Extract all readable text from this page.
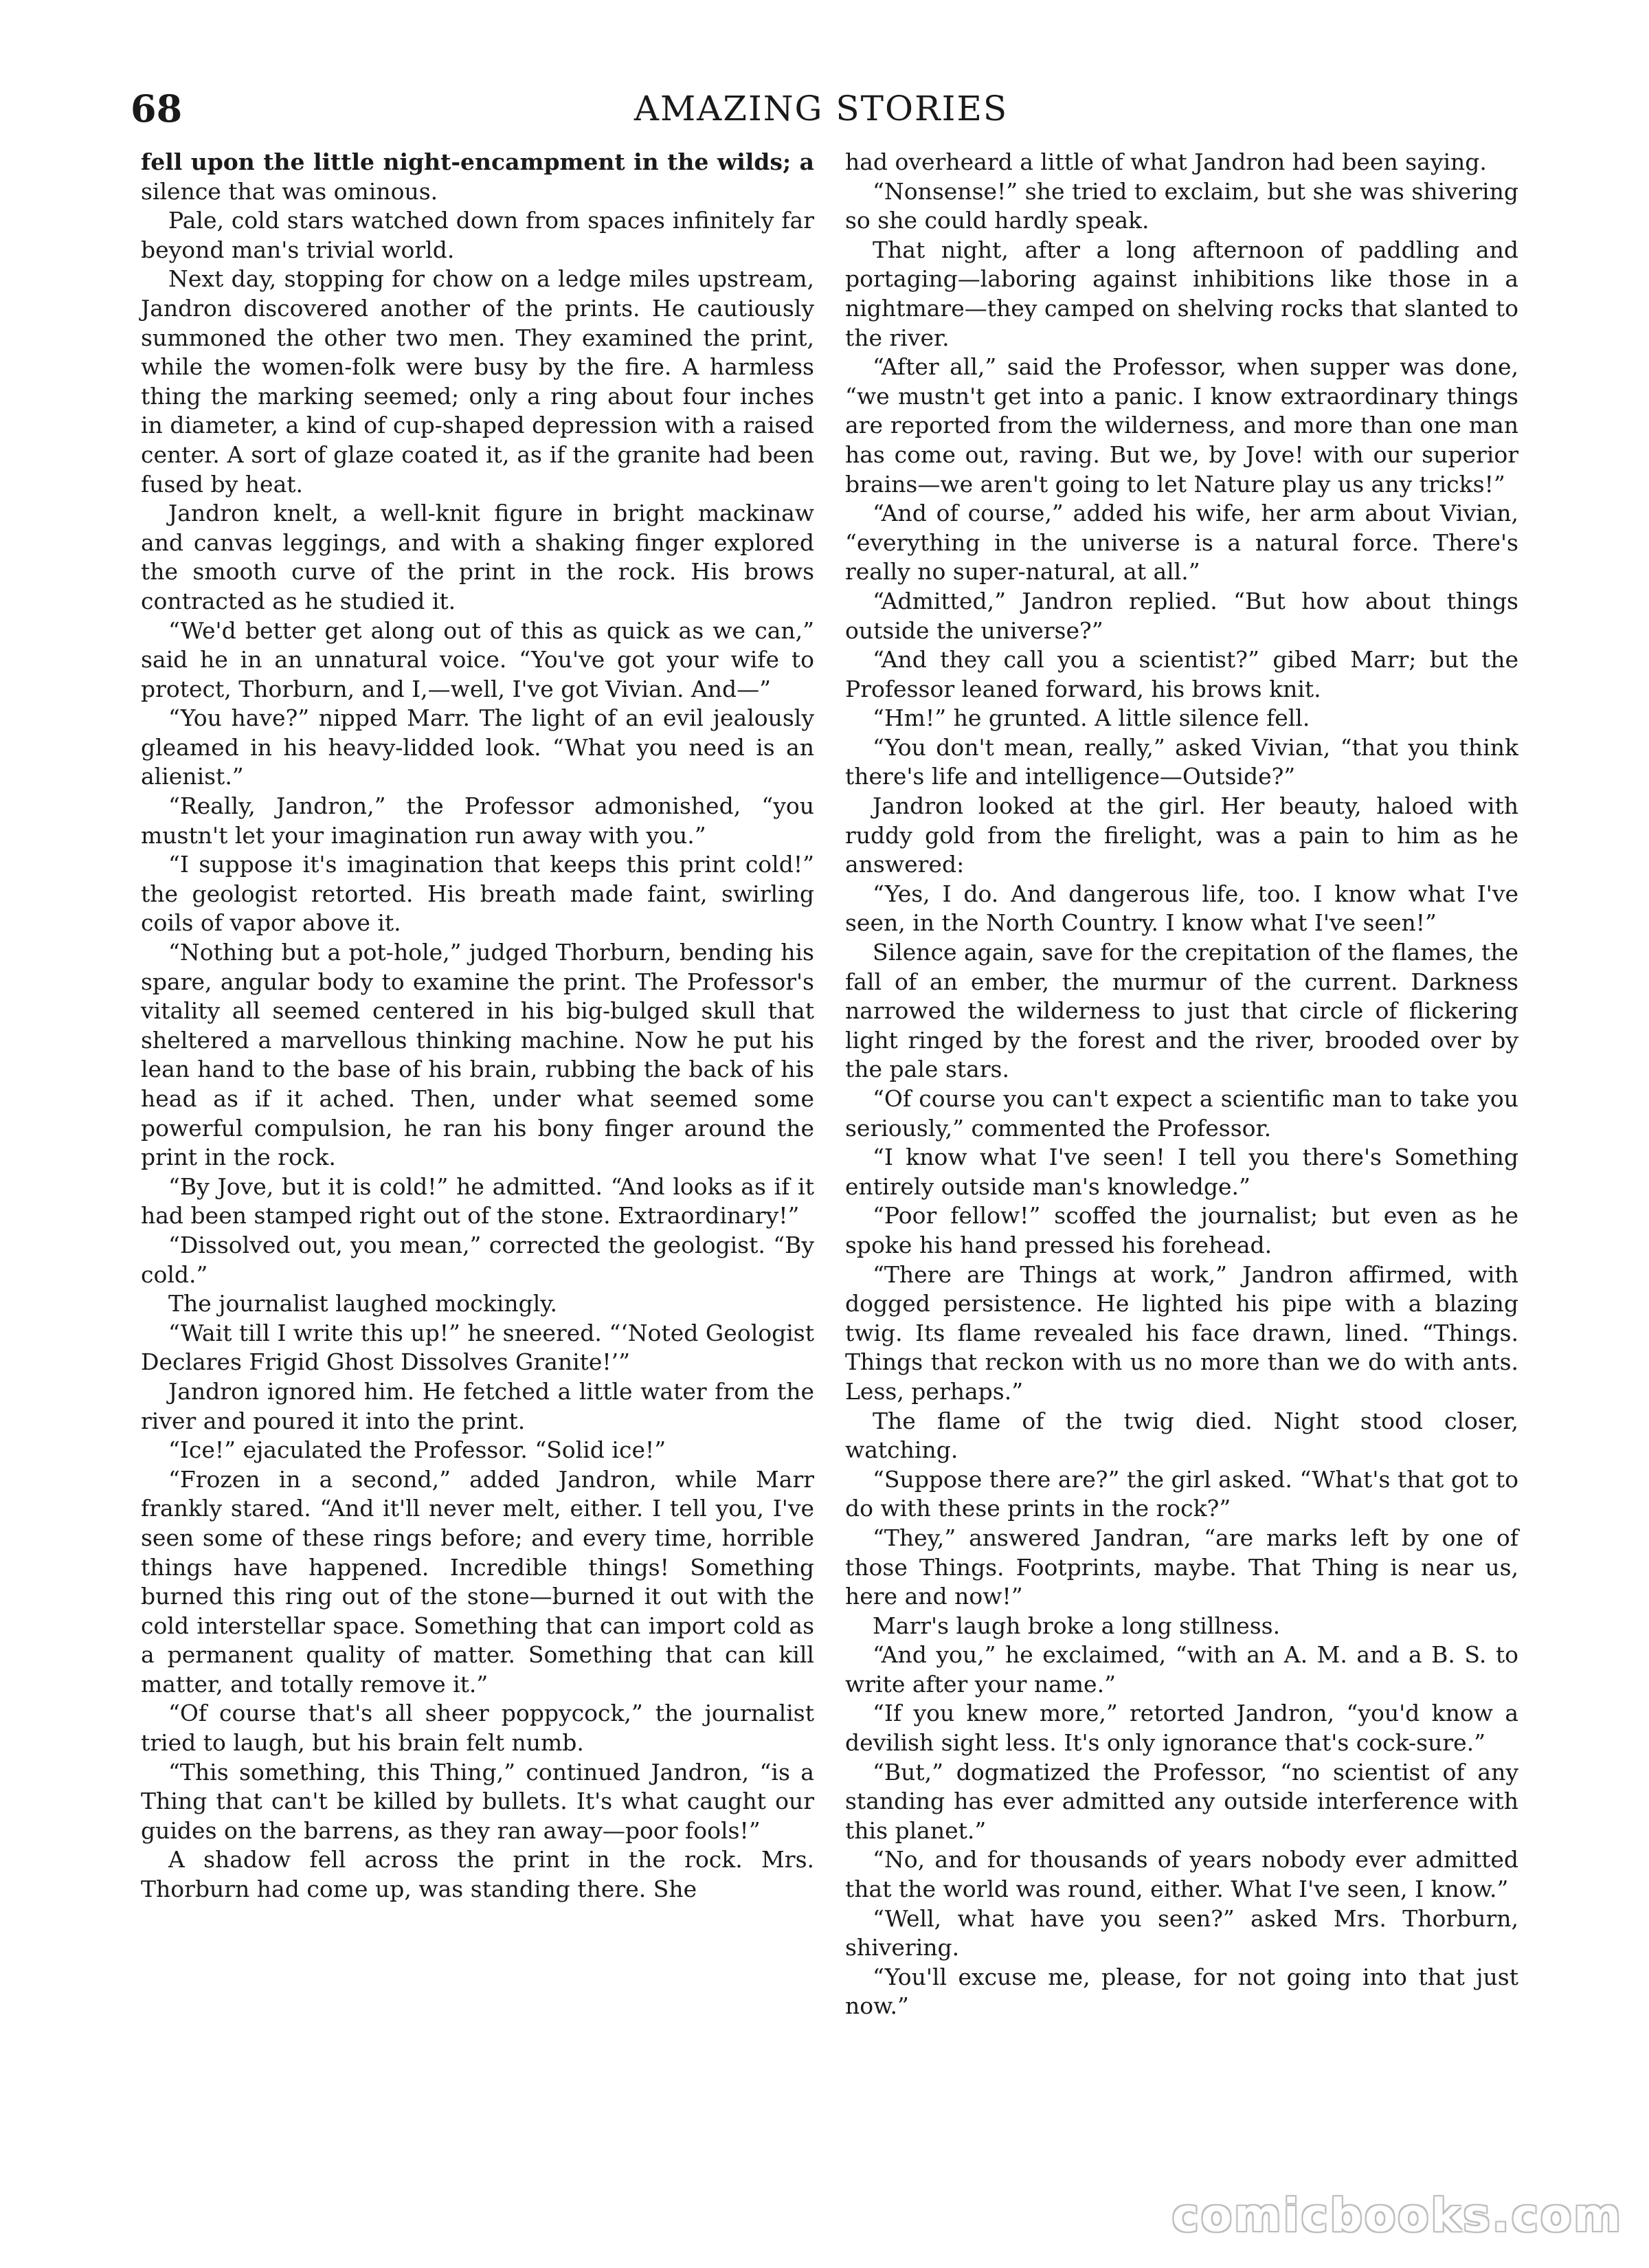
68	AMAZING STORIES

fell upon the little night-encampment in the wilds; a silence that was ominous.

Pale, cold stars watched down from spaces infinitely far beyond man's trivial world.

Next day, stopping for chow on a ledge miles upstream, Jandron discovered another of the prints. He cautiously summoned the other two men. They examined the print, while the women-folk were busy by the fire. A harmless thing the marking seemed; only a ring about four inches in diameter, a kind of cup-shaped depression with a raised center. A sort of glaze coated it, as if the granite had been fused by heat.

Jandron knelt, a well-knit figure in bright mackinaw and canvas leggings, and with a shaking finger explored the smooth curve of the print in the rock. His brows contracted as he studied it.

“We'd better get along out of this as quick as we can,” said he in an unnatural voice. “You've got your wife to protect, Thorburn, and I,—well, I've got Vivian. And—”

“You have?” nipped Marr. The light of an evil jealously gleamed in his heavy-lidded look. “What you need is an alienist.”

“Really, Jandron,” the Professor admonished, “you mustn't let your imagination run away with you.”

“I suppose it's imagination that keeps this print cold!” the geologist retorted. His breath made faint, swirling coils of vapor above it.

“Nothing but a pot-hole,” judged Thorburn, bending his spare, angular body to examine the print. The Professor's vitality all seemed centered in his big-bulged skull that sheltered a marvellous thinking machine. Now he put his lean hand to the base of his brain, rubbing the back of his head as if it ached. Then, under what seemed some powerful compulsion, he ran his bony finger around the print in the rock.

“By Jove, but it is cold!” he admitted. “And looks as if it had been stamped right out of the stone. Extraordinary!”

“Dissolved out, you mean,” corrected the geologist. “By cold.”

The journalist laughed mockingly.

“Wait till I write this up!” he sneered. “‘Noted Geologist Declares Frigid Ghost Dissolves Granite!’”

Jandron ignored him. He fetched a little water from the river and poured it into the print.

“Ice!” ejaculated the Professor. “Solid ice!”

“Frozen in a second,” added Jandron, while Marr frankly stared. “And it'll never melt, either. I tell you, I've seen some of these rings before; and every time, horrible things have happened. Incredible things! Something burned this ring out of the stone—burned it out with the cold interstellar space. Something that can import cold as a permanent quality of matter. Something that can kill matter, and totally remove it.”

“Of course that's all sheer poppycock,” the journalist tried to laugh, but his brain felt numb.

“This something, this Thing,” continued Jandron, “is a Thing that can't be killed by bullets. It's what caught our guides on the barrens, as they ran away—poor fools!”

A shadow fell across the print in the rock. Mrs. Thorburn had come up, was standing there. She

had overheard a little of what Jandron had been saying.

“Nonsense!” she tried to exclaim, but she was shivering so she could hardly speak.

That night, after a long afternoon of paddling and portaging—laboring against inhibitions like those in a nightmare—they camped on shelving rocks that slanted to the river.

“After all,” said the Professor, when supper was done, “we mustn't get into a panic. I know extraordinary things are reported from the wilderness, and more than one man has come out, raving. But we, by Jove! with our superior brains—we aren't going to let Nature play us any tricks!”

“And of course,” added his wife, her arm about Vivian, “everything in the universe is a natural force. There's really no super-natural, at all.”

“Admitted,” Jandron replied. “But how about things outside the universe?”

“And they call you a scientist?” gibed Marr; but the Professor leaned forward, his brows knit.

“Hm!” he grunted. A little silence fell.

“You don't mean, really,” asked Vivian, “that you think there's life and intelligence—Outside?”

Jandron looked at the girl. Her beauty, haloed with ruddy gold from the firelight, was a pain to him as he answered:

“Yes, I do. And dangerous life, too. I know what I've seen, in the North Country. I know what I've seen!”

Silence again, save for the crepitation of the flames, the fall of an ember, the murmur of the current. Darkness narrowed the wilderness to just that circle of flickering light ringed by the forest and the river, brooded over by the pale stars.

“Of course you can't expect a scientific man to take you seriously,” commented the Professor.

“I know what I've seen! I tell you there's Something entirely outside man's knowledge.”

“Poor fellow!” scoffed the journalist; but even as he spoke his hand pressed his forehead.

“There are Things at work,” Jandron affirmed, with dogged persistence. He lighted his pipe with a blazing twig. Its flame revealed his face drawn, lined. “Things. Things that reckon with us no more than we do with ants. Less, perhaps.”

The flame of the twig died. Night stood closer, watching.

“Suppose there are?” the girl asked. “What's that got to do with these prints in the rock?”

“They,” answered Jandran, “are marks left by one of those Things. Footprints, maybe. That Thing is near us, here and now!”

Marr's laugh broke a long stillness.

“And you,” he exclaimed, “with an A. M. and a B. S. to write after your name.”

“If you knew more,” retorted Jandron, “you'd know a devilish sight less. It's only ignorance that's cock-sure.”

“But,” dogmatized the Professor, “no scientist of any standing has ever admitted any outside interference with this planet.”

“No, and for thousands of years nobody ever admitted that the world was round, either. What I've seen, I know.”

“Well, what have you seen?” asked Mrs. Thorburn, shivering.

“You'll excuse me, please, for not going into that just now.”

comicbooks.com
